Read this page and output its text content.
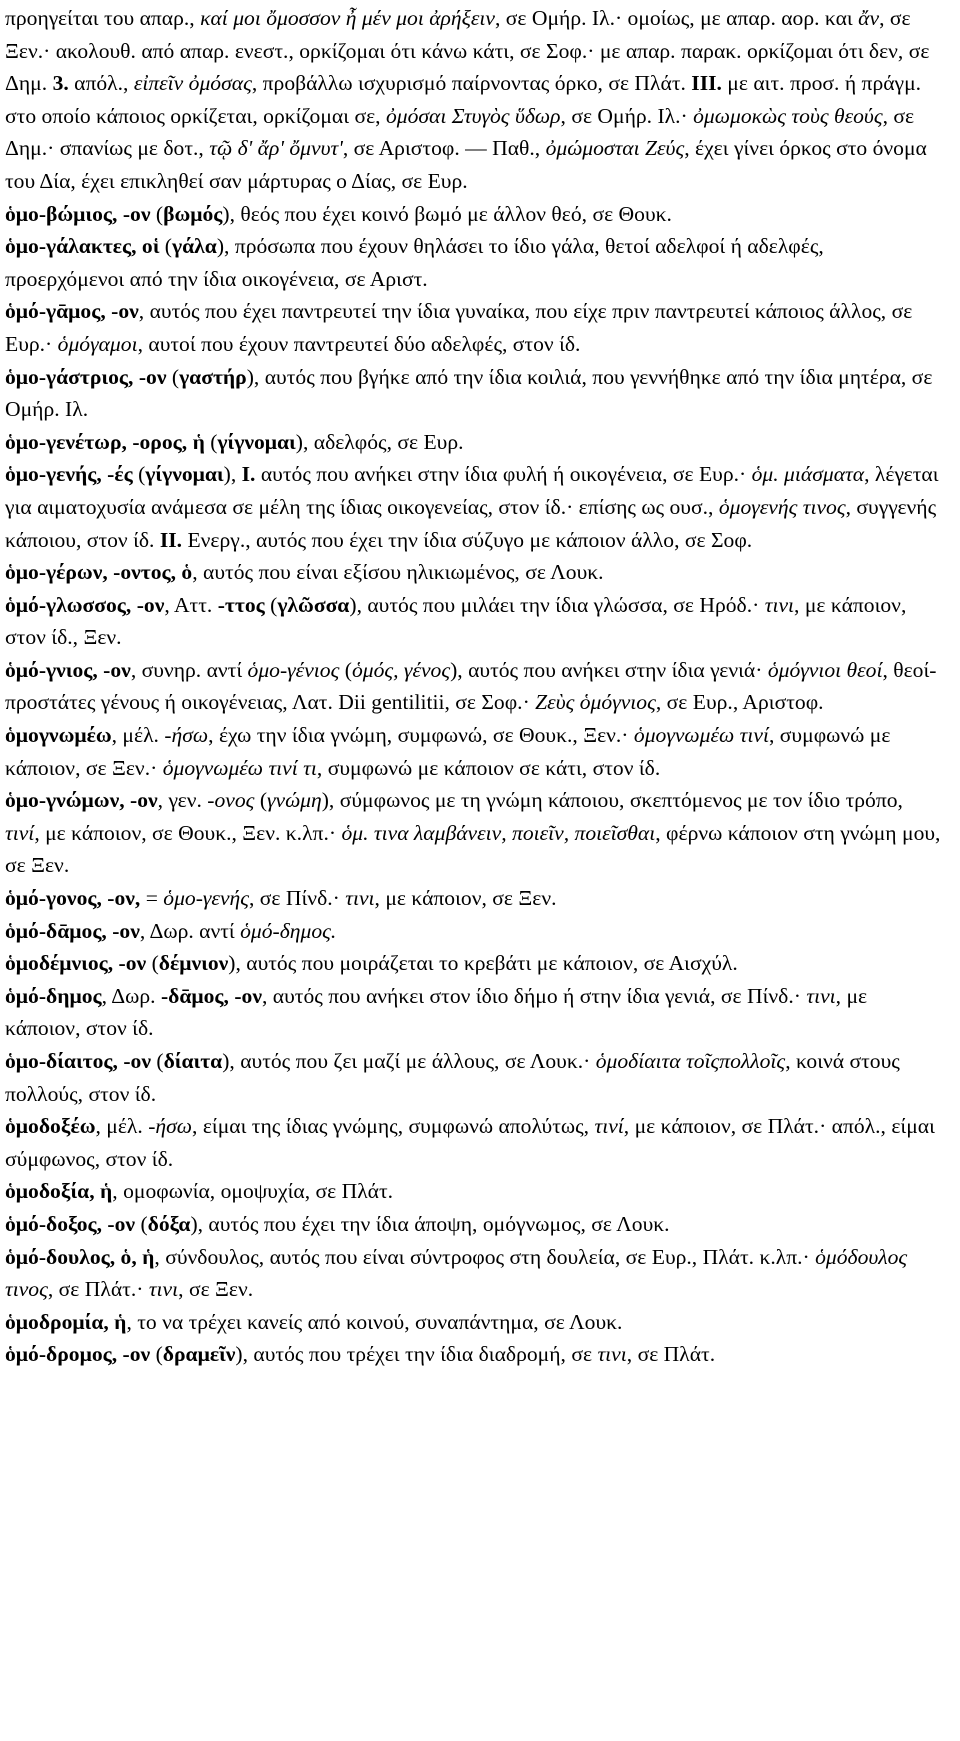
προηγείται του απαρ., καί μοι ὄμοσσον ἦ μέν μοι ἀρήξειν, σε Ομήρ. Ιλ.· ομοίως, με απαρ. αορ. και ἄν, σε Ξεν.· ακολουθ. από απαρ. ενεστ., ορκίζομαι ότι κάνω κάτι, σε Σοφ.· με απαρ. παρακ. ορκίζομαι ότι δεν, σε Δημ. 3. απόλ., εἰπεῖν ὀμόσας, προβάλλω ισχυρισμό παίρνοντας όρκο, σε Πλάτ. III. με αιτ. προσ. ή πράγμ. στο οποίο κάποιος ορκίζεται, ορκίζομαι σε, ὀμόσαι Στυγὸς ὕδωρ, σε Ομήρ. Ιλ.· ὀμωμοκὼς τοὺς θεούς, σε Δημ.· σπανίως με δοτ., τῷ δ' ἄρ' ὄμνυτ', σε Αριστοφ. — Παθ., ὀμώμοσται Ζεύς, έχει γίνει όρκος στο όνομα του Δία, έχει επικληθεί σαν μάρτυρας ο Δίας, σε Ευρ.

ὁμο-βώμιος, -ον (βωμός), θεός που έχει κοινό βωμό με άλλον θεό, σε Θουκ.

ὁμο-γάλακτες, οἱ (γάλα), πρόσωπα που έχουν θηλάσει το ίδιο γάλα, θετοί αδελφοί ή αδελφές, προερχόμενοι από την ίδια οικογένεια, σε Αριστ.

ὁμό-γᾱμος, -ον, αυτός που έχει παντρευτεί την ίδια γυναίκα, που είχε πριν παντρευτεί κάποιος άλλος, σε Ευρ.· ὁμόγαμοι, αυτοί που έχουν παντρευτεί δύο αδελφές, στον ίδ.

ὁμο-γάστριος, -ον (γαστήρ), αυτός που βγήκε από την ίδια κοιλιά, που γεννήθηκε από την ίδια μητέρα, σε Ομήρ. Ιλ.

ὁμο-γενέτωρ, -ορος, ἡ (γίγνομαι), αδελφός, σε Ευρ.

ὁμο-γενής, -ές (γίγνομαι), I. αυτός που ανήκει στην ίδια φυλή ή οικογένεια, σε Ευρ.· ὁμ. μιάσματα, λέγεται για αιματοχυσία ανάμεσα σε μέλη της ίδιας οικογενείας, στον ίδ.· επίσης ως ουσ., ὁμογενής τινος, συγγενής κάποιου, στον ίδ. II. Ενεργ., αυτός που έχει την ίδια σύζυγο με κάποιον άλλο, σε Σοφ.

ὁμο-γέρων, -οντος, ὁ, αυτός που είναι εξίσου ηλικιωμένος, σε Λουκ.

ὁμό-γλωσσος, -ον, Αττ. -ττος (γλῶσσα), αυτός που μιλάει την ίδια γλώσσα, σε Ηρόδ.· τινι, με κάποιον, στον ίδ., Ξεν.

ὁμό-γνιος, -ον, συνηρ. αντί ὁμο-γένιος (ὁμός, γένος), αυτός που ανήκει στην ίδια γενιά· ὁμόγνιοι θεοί, θεοί-προστάτες γένους ή οικογένειας, Λατ. Dii gentilitii, σε Σοφ.· Ζεὺς ὁμόγνιος, σε Ευρ., Αριστοφ.

ὁμογνωμέω, μέλ. -ήσω, έχω την ίδια γνώμη, συμφωνώ, σε Θουκ., Ξεν.· ὁμογνωμέω τινί, συμφωνώ με κάποιον, σε Ξεν.· ὁμογνωμέω τινί τι, συμφωνώ με κάποιον σε κάτι, στον ίδ.

ὁμο-γνώμων, -ον, γεν. -ονος (γνώμη), σύμφωνος με τη γνώμη κάποιου, σκεπτόμενος με τον ίδιο τρόπο, τινί, με κάποιον, σε Θουκ., Ξεν. κ.λπ.· ὁμ. τινα λαμβάνειν, ποιεῖν, ποιεῖσθαι, φέρνω κάποιον στη γνώμη μου, σε Ξεν.

ὁμό-γονος, -ον, = ὁμο-γενής, σε Πίνδ.· τινι, με κάποιον, σε Ξεν.

ὁμό-δᾱμος, -ον, Δωρ. αντί ὁμό-δημος.

ὁμοδέμνιος, -ον (δέμνιον), αυτός που μοιράζεται το κρεβάτι με κάποιον, σε Αισχύλ.

ὁμό-δημος, Δωρ. -δᾱμος, -ον, αυτός που ανήκει στον ίδιο δήμο ή στην ίδια γενιά, σε Πίνδ.· τινι, με κάποιον, στον ίδ.

ὁμο-δίαιτος, -ον (δίαιτα), αυτός που ζει μαζί με άλλους, σε Λουκ.· ὁμοδίαιτα τοῖςπολλοῖς, κοινά στους πολλούς, στον ίδ.

ὁμοδοξέω, μέλ. -ήσω, είμαι της ίδιας γνώμης, συμφωνώ απολύτως, τινί, με κάποιον, σε Πλάτ.· απόλ., είμαι σύμφωνος, στον ίδ.

ὁμοδοξία, ἡ, ομοφωνία, ομοψυχία, σε Πλάτ.

ὁμό-δοξος, -ον (δόξα), αυτός που έχει την ίδια άποψη, ομόγνωμος, σε Λουκ.

ὁμό-δουλος, ὁ, ἡ, σύνδουλος, αυτός που είναι σύντροφος στη δουλεία, σε Ευρ., Πλάτ. κ.λπ.· ὁμόδουλος τινος, σε Πλάτ.· τινι, σε Ξεν.

ὁμοδρομία, ἡ, το να τρέχει κανείς από κοινού, συναπάντημα, σε Λουκ.

ὁμό-δρομος, -ον (δραμεῖν), αυτός που τρέχει την ίδια διαδρομή, σε τινι, σε Πλάτ.
